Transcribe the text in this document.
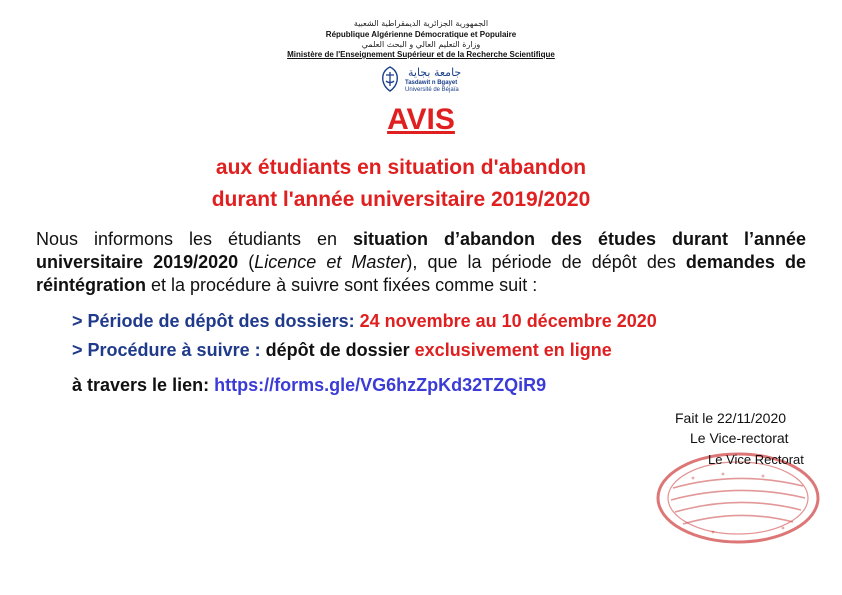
الجمهورية الجزائرية الديمقراطية الشعبية
République Algérienne Démocratique et Populaire
وزارة التعليم العالي و البحث العلمي
Ministère de l'Enseignement Supérieur et de la Recherche Scientifique
جامعة بجاية
Tasdawit n Bgayet
Université de Béjaïa
AVIS
aux étudiants en situation d'abandon
durant l'année universitaire 2019/2020
Nous informons les étudiants en situation d’abandon des études durant l’année universitaire 2019/2020 (Licence et Master), que la période de dépôt des demandes de réintégration et la procédure à suivre sont fixées comme suit :
> Période de dépôt des dossiers: 24 novembre au 10 décembre 2020
> Procédure à suivre : dépôt de dossier exclusivement en ligne
à travers le lien: https://forms.gle/VG6hzZpKd32TZQiR9
Fait le 22/11/2020
Le Vice-rectorat
Le Vice Rectorat
